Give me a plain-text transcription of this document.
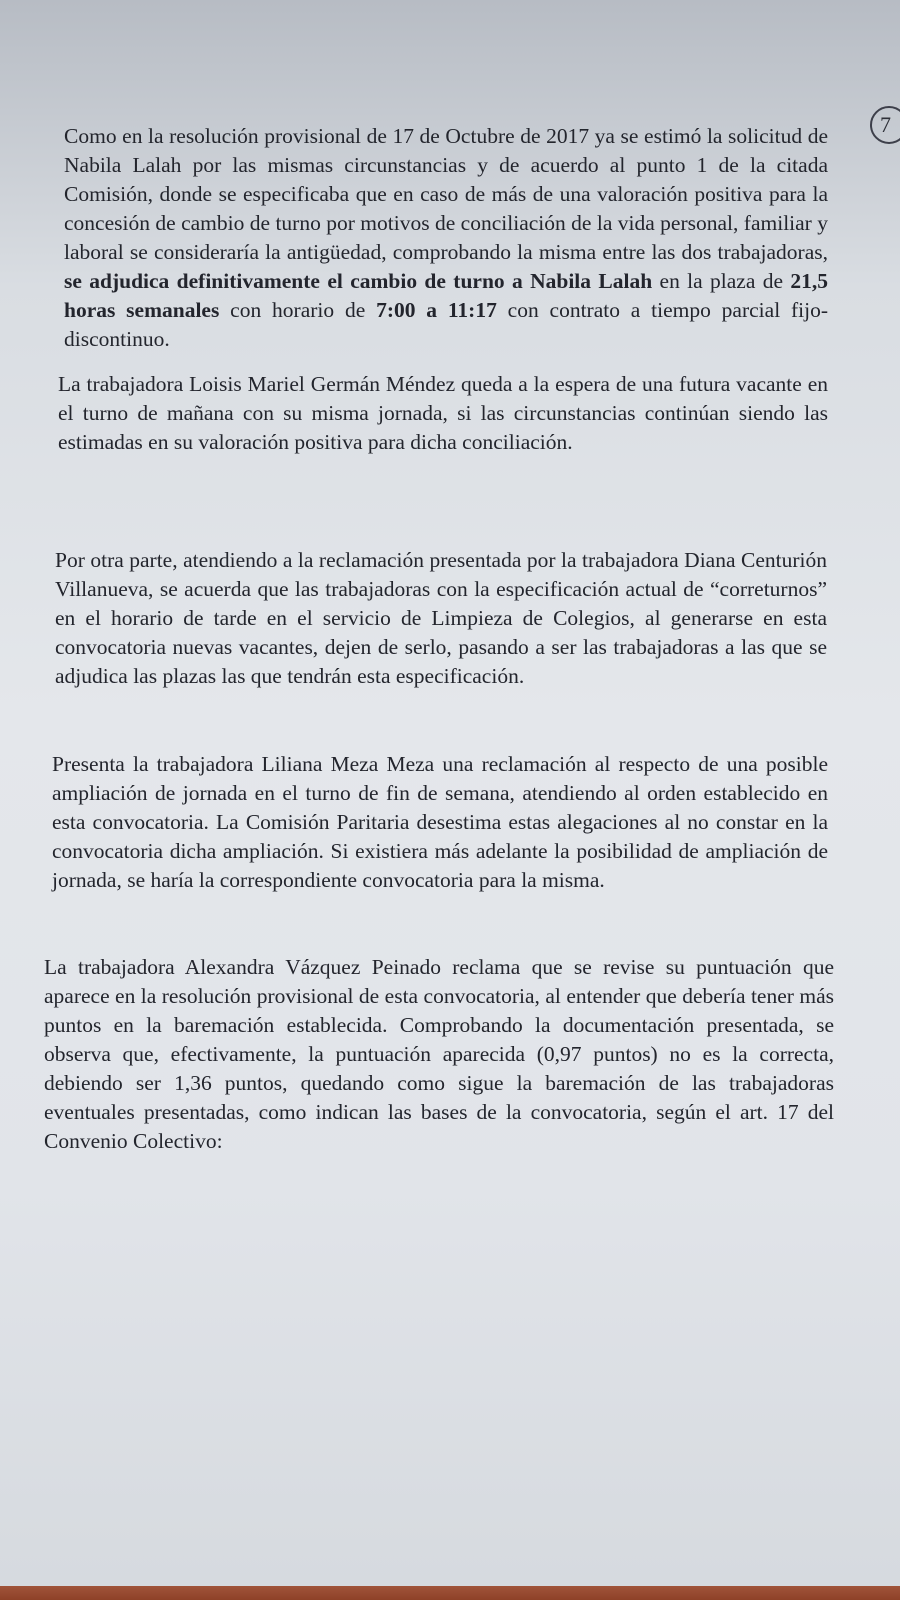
7

Como en la resolución provisional de 17 de Octubre de 2017 ya se estimó la solicitud de Nabila Lalah por las mismas circunstancias y de acuerdo al punto 1 de la citada Comisión, donde se especificaba que en caso de más de una valoración positiva para la concesión de cambio de turno por motivos de conciliación de la vida personal, familiar y laboral se consideraría la antigüedad, comprobando la misma entre las dos trabajadoras, se adjudica definitivamente el cambio de turno a Nabila Lalah en la plaza de 21,5 horas semanales con horario de 7:00 a 11:17 con contrato a tiempo parcial fijo-discontinuo.

La trabajadora Loisis Mariel Germán Méndez queda a la espera de una futura vacante en el turno de mañana con su misma jornada, si las circunstancias continúan siendo las estimadas en su valoración positiva para dicha conciliación.

Por otra parte, atendiendo a la reclamación presentada por la trabajadora Diana Centurión Villanueva, se acuerda que las trabajadoras con la especificación actual de “correturnos” en el horario de tarde en el servicio de Limpieza de Colegios, al generarse en esta convocatoria nuevas vacantes, dejen de serlo, pasando a ser las trabajadoras a las que se adjudica las plazas las que tendrán esta especificación.

Presenta la trabajadora Liliana Meza Meza una reclamación al respecto de una posible ampliación de jornada en el turno de fin de semana, atendiendo al orden establecido en esta convocatoria. La Comisión Paritaria desestima estas alegaciones al no constar en la convocatoria dicha ampliación. Si existiera más adelante la posibilidad de ampliación de jornada, se haría la correspondiente convocatoria para la misma.

La trabajadora Alexandra Vázquez Peinado reclama que se revise su puntuación que aparece en la resolución provisional de esta convocatoria, al entender que debería tener más puntos en la baremación establecida. Comprobando la documentación presentada, se observa que, efectivamente, la puntuación aparecida (0,97 puntos) no es la correcta, debiendo ser 1,36 puntos, quedando como sigue la baremación de las trabajadoras eventuales presentadas, como indican las bases de la convocatoria, según el art. 17 del Convenio Colectivo:
